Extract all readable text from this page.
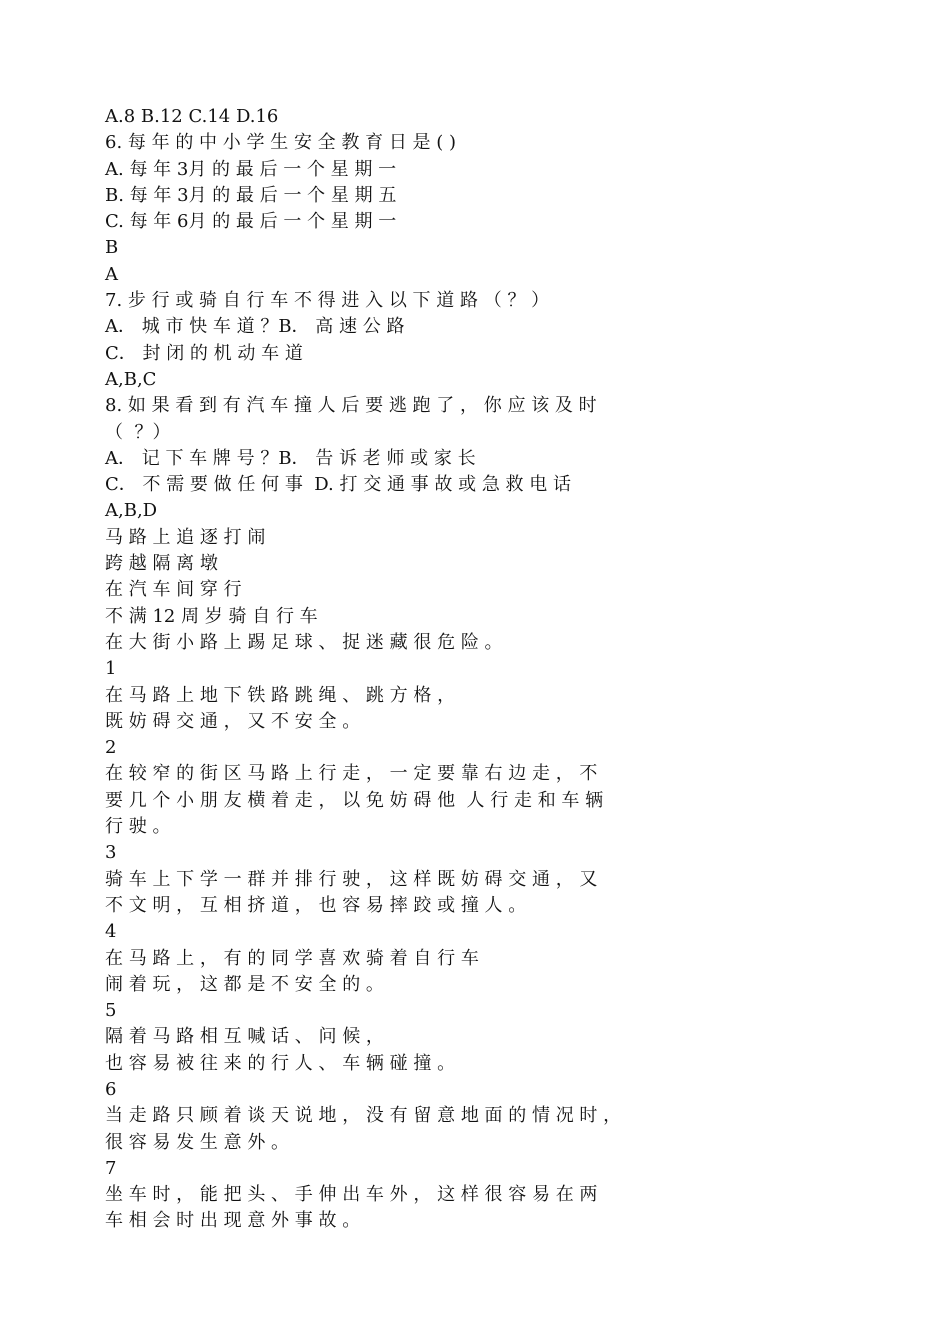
A.8 B.12 C.14 D.16
6. 每 年 的 中 小 学 生 安 全 教 育 日 是 ( )
A. 每 年 3月 的 最 后 一 个 星 期 一
B. 每 年 3月 的 最 后 一 个 星 期 五
C. 每 年 6月 的 最 后 一 个 星 期 一
B
A
7. 步 行 或 骑 自 行 车 不 得 进 入 以 下 道 路 （ ？ ）
A． 城 市 快 车 道 ？B． 高 速 公 路
C． 封 闭 的 机 动 车 道
A,B,C
8. 如 果 看 到 有 汽 车 撞 人 后 要 逃 跑 了 ， 你 应 该 及 时
（  ？）
A． 记 下 车 牌 号 ？B． 告 诉 老 师 或 家 长
C． 不 需 要 做 任 何 事  D. 打 交 通 事 故 或 急 救 电 话
A,B,D
马 路 上 追 逐 打 闹
跨 越 隔 离 墩
在 汽 车 间 穿 行
不 满 12 周 岁 骑 自 行 车
在 大 街 小 路 上 踢 足 球 、 捉 迷 藏 很 危 险 。
1
在 马 路 上 地 下 铁 路 跳 绳 、 跳 方 格 ，
既 妨 碍 交 通 ， 又 不 安 全 。
2
在 较 窄 的 街 区 马 路 上 行 走 ， 一 定 要 靠 右 边 走 ， 不
要 几 个 小 朋 友 横 着 走 ， 以 免 妨 碍 他  人 行 走 和 车 辆
行 驶 。
3
骑 车 上 下 学 一 群 并 排 行 驶 ， 这 样 既 妨 碍 交 通 ， 又
不 文 明 ， 互 相 挤 道 ， 也 容 易 摔 跤 或 撞 人 。
4
在 马 路 上 ， 有 的 同 学 喜 欢 骑 着 自 行 车
闹 着 玩 ， 这 都 是 不 安 全 的 。
5
隔 着 马 路 相 互 喊 话 、 问 候 ，
也 容 易 被 往 来 的 行 人 、 车 辆 碰 撞 。
6
当 走 路 只 顾 着 谈 天 说 地 ， 没 有 留 意 地 面 的 情 况 时 ，
很 容 易 发 生 意 外 。
7
坐 车 时 ， 能 把 头 、 手 伸 出 车 外 ， 这 样 很 容 易 在 两
车 相 会 时 出 现 意 外 事 故 。
